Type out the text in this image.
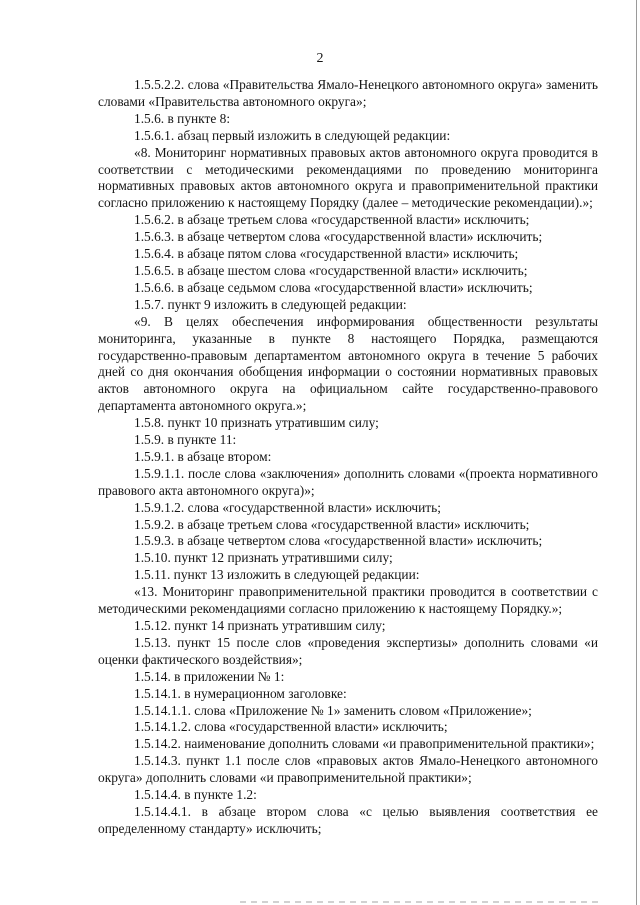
2

1.5.5.2.2. слова «Правительства Ямало-Ненецкого автономного округа» заменить словами «Правительства автономного округа»;

1.5.6. в пункте 8:

1.5.6.1. абзац первый изложить в следующей редакции:

«8. Мониторинг нормативных правовых актов автономного округа проводится в соответствии с методическими рекомендациями по проведению мониторинга нормативных правовых актов автономного округа и правоприменительной практики согласно приложению к настоящему Порядку (далее – методические рекомендации).»;

1.5.6.2. в абзаце третьем слова «государственной власти» исключить;

1.5.6.3. в абзаце четвертом слова «государственной власти» исключить;

1.5.6.4. в абзаце пятом слова «государственной власти» исключить;

1.5.6.5. в абзаце шестом слова «государственной власти» исключить;

1.5.6.6. в абзаце седьмом слова «государственной власти» исключить;

1.5.7. пункт 9 изложить в следующей редакции:

«9. В целях обеспечения информирования общественности результаты мониторинга, указанные в пункте 8 настоящего Порядка, размещаются государственно-правовым департаментом автономного округа в течение 5 рабочих дней со дня окончания обобщения информации о состоянии нормативных правовых актов автономного округа на официальном сайте государственно-правового департамента автономного округа.»;

1.5.8. пункт 10 признать утратившим силу;

1.5.9. в пункте 11:

1.5.9.1. в абзаце втором:

1.5.9.1.1. после слова «заключения» дополнить словами «(проекта нормативного правового акта автономного округа)»;

1.5.9.1.2. слова «государственной власти» исключить;

1.5.9.2. в абзаце третьем слова «государственной власти» исключить;

1.5.9.3. в абзаце четвертом слова «государственной власти» исключить;

1.5.10. пункт 12 признать утратившими силу;

1.5.11. пункт 13 изложить в следующей редакции:

«13. Мониторинг правоприменительной практики проводится в соответствии с методическими рекомендациями согласно приложению к настоящему Порядку.»;

1.5.12. пункт 14 признать утратившим силу;

1.5.13. пункт 15 после слов «проведения экспертизы» дополнить словами «и оценки фактического воздействия»;

1.5.14. в приложении № 1:

1.5.14.1. в нумерационном заголовке:

1.5.14.1.1. слова «Приложение № 1» заменить словом «Приложение»;

1.5.14.1.2. слова «государственной власти» исключить;

1.5.14.2. наименование дополнить словами «и правоприменительной практики»;

1.5.14.3. пункт 1.1 после слов «правовых актов Ямало-Ненецкого автономного округа» дополнить словами «и правоприменительной практики»;

1.5.14.4. в пункте 1.2:

1.5.14.4.1. в абзаце втором слова «с целью выявления соответствия ее определенному стандарту» исключить;
